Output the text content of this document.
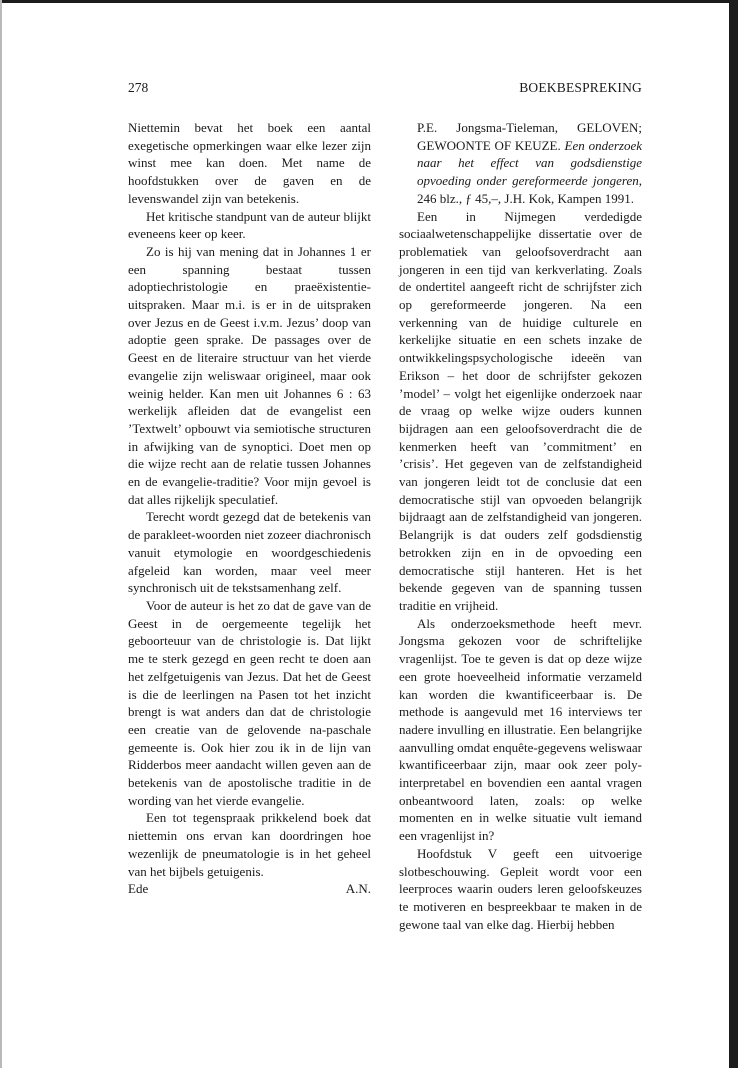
278	BOEKBESPREKING

Niettemin bevat het boek een aantal exegetische opmerkingen waar elke lezer zijn winst mee kan doen. Met name de hoofdstukken over de gaven en de levenswandel zijn van betekenis.

Het kritische standpunt van de auteur blijkt eveneens keer op keer.

Zo is hij van mening dat in Johannes 1 er een spanning bestaat tussen adoptiechristologie en praeëxistentie-uitspraken. Maar m.i. is er in de uitspraken over Jezus en de Geest i.v.m. Jezus’ doop van adoptie geen sprake. De passages over de Geest en de literaire structuur van het vierde evangelie zijn weliswaar origineel, maar ook weinig helder. Kan men uit Johannes 6 : 63 werkelijk afleiden dat de evangelist een ’Textwelt’ opbouwt via semiotische structuren in afwijking van de synoptici. Doet men op die wijze recht aan de relatie tussen Johannes en de evangelie-traditie? Voor mijn gevoel is dat alles rijkelijk speculatief.

Terecht wordt gezegd dat de betekenis van de parakleet-woorden niet zozeer diachronisch vanuit etymologie en woordgeschiedenis afgeleid kan worden, maar veel meer synchronisch uit de tekstsamenhang zelf.

Voor de auteur is het zo dat de gave van de Geest in de oergemeente tegelijk het geboorteuur van de christologie is. Dat lijkt me te sterk gezegd en geen recht te doen aan het zelfgetuigenis van Jezus. Dat het de Geest is die de leerlingen na Pasen tot het inzicht brengt is wat anders dan dat de christologie een creatie van de gelovende na-paschale gemeente is. Ook hier zou ik in de lijn van Ridderbos meer aandacht willen geven aan de betekenis van de apostolische traditie in de wording van het vierde evangelie.

Een tot tegenspraak prikkelend boek dat niettemin ons ervan kan doordringen hoe wezenlijk de pneumatologie is in het geheel van het bijbels getuigenis.

Ede	A.N.

P.E. Jongsma-Tieleman, GELOVEN; GEWOONTE OF KEUZE. Een onderzoek naar het effect van godsdienstige opvoeding onder gereformeerde jongeren, 246 blz., ƒ 45,–, J.H. Kok, Kampen 1991.

Een in Nijmegen verdedigde sociaalwetenschappelijke dissertatie over de problematiek van geloofsoverdracht aan jongeren in een tijd van kerkverlating. Zoals de ondertitel aangeeft richt de schrijfster zich op gereformeerde jongeren. Na een verkenning van de huidige culturele en kerkelijke situatie en een schets inzake de ontwikkelingspsychologische ideeën van Erikson – het door de schrijfster gekozen ’model’ – volgt het eigenlijke onderzoek naar de vraag op welke wijze ouders kunnen bijdragen aan een geloofsoverdracht die de kenmerken heeft van ’commitment’ en ’crisis’. Het gegeven van de zelfstandigheid van jongeren leidt tot de conclusie dat een democratische stijl van opvoeden belangrijk bijdraagt aan de zelfstandigheid van jongeren. Belangrijk is dat ouders zelf godsdienstig betrokken zijn en in de opvoeding een democratische stijl hanteren. Het is het bekende gegeven van de spanning tussen traditie en vrijheid.

Als onderzoeksmethode heeft mevr. Jongsma gekozen voor de schriftelijke vragenlijst. Toe te geven is dat op deze wijze een grote hoeveelheid informatie verzameld kan worden die kwantificeerbaar is. De methode is aangevuld met 16 interviews ter nadere invulling en illustratie. Een belangrijke aanvulling omdat enquête-gegevens weliswaar kwantificeerbaar zijn, maar ook zeer poly-interpretabel en bovendien een aantal vragen onbeantwoord laten, zoals: op welke momenten en in welke situatie vult iemand een vragenlijst in?

Hoofdstuk V geeft een uitvoerige slotbeschouwing. Gepleit wordt voor een leerproces waarin ouders leren geloofskeuzes te motiveren en bespreekbaar te maken in de gewone taal van elke dag. Hierbij hebben
